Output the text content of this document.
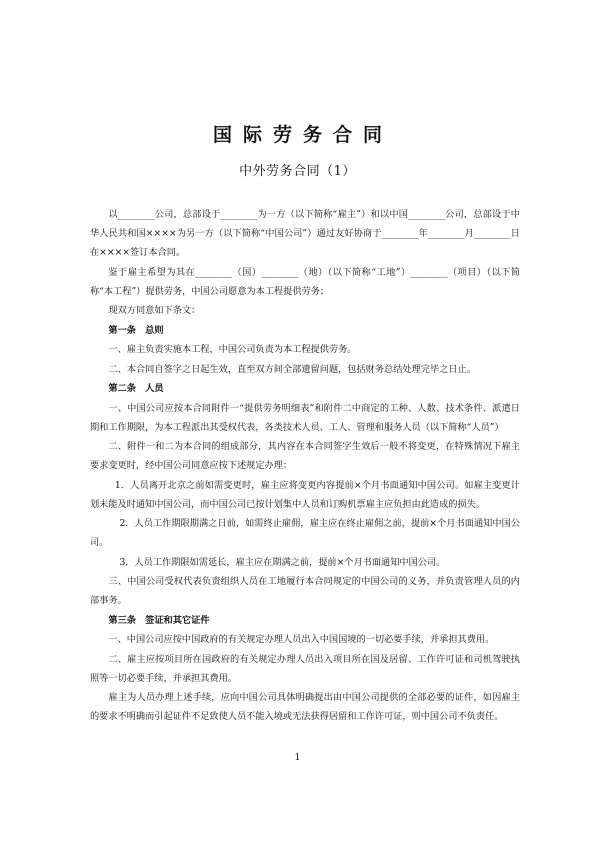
国际劳务合同
中外劳务合同（1）

以________公司，总部设于________为一方（以下简称“雇主”）和以中国________公司，总部设于中华人民共和国××××为另一方（以下简称“中国公司”）通过友好协商于________年________月________日在××××签订本合同。

鉴于雇主希望为其在________（国）________（地）（以下简称“工地”）________（项目）（以下简称“本工程”）提供劳务，中国公司愿意为本工程提供劳务；

现双方同意如下条文：

第一条　总则

一、雇主负责实施本工程，中国公司负责为本工程提供劳务。

二、本合同自签字之日起生效，直至双方间全部遗留问题，包括财务总结处理完毕之日止。

第二条　人员

一、中国公司应按本合同附件一“提供劳务明细表”和附件二中商定的工种、人数、技术条件、派遣日期和工作期限，为本工程派出其受权代表，各类技术人员、工人、管理和服务人员（以下简称“人员”）

二、附件一和二为本合同的组成部分，其内容在本合同签字生效后一般不将变更，在特殊情况下雇主要求变更时，经中国公司同意应按下述规定办理：

1．人员离开北京之前如需变更时，雇主应将变更内容提前×个月书面通知中国公司。如雇主变更计划未能及时通知中国公司，而中国公司已按计划集中人员和订购机票雇主应负担由此造成的损失。

2．人员工作期限期满之日前，如需终止雇佣，雇主应在终止雇佣之前，提前×个月书面通知中国公司。

3．人员工作期限如需延长，雇主应在期满之前，提前×个月书面通知中国公司。

三、中国公司受权代表负责组织人员在工地履行本合同规定的中国公司的义务，并负责管理人员的内部事务。

第三条　签证和其它证件

一、中国公司应按中国政府的有关规定办理人员出入中国国境的一切必要手续，并承担其费用。

二、雇主应按项目所在国政府的有关规定办理人员出入项目所在国及居留、工作许可证和司机驾驶执照等一切必要手续，并承担其费用。

雇主为人员办理上述手续，应向中国公司具体明确提出由中国公司提供的全部必要的证件，如因雇主的要求不明确而引起证件不足致使人员不能入境或无法获得居留和工作许可证，则中国公司不负责任。

1
